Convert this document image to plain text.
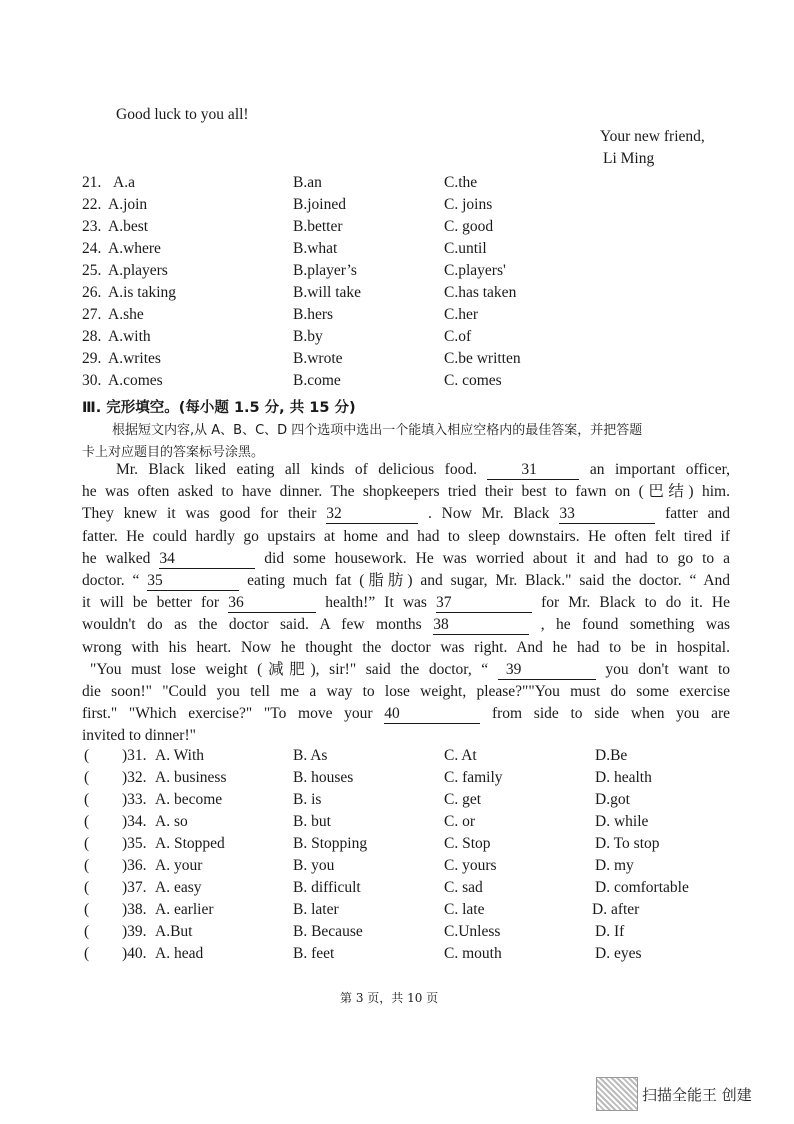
Good luck to you all!
Your new friend,
Li Ming
21. A.a	B.an	C.the
22. A.join	B.joined	C. joins
23. A.best	B.better	C. good
24. A.where	B.what	C.until
25. A.players	B.player’s	C.players'
26. A.is taking	B.will take	C.has taken
27. A.she	B.hers	C.her
28. A.with	B.by	C.of
29. A.writes	B.wrote	C.be written
30. A.comes	B.come	C. comes
Ⅲ. 完形填空。(每小题 1.5 分, 共 15 分)
根据短文内容,从 A、B、C、D 四个选项中选出一个能填入相应空格内的最佳答案，并把答题
卡上对应题目的答案标号涂黑。
Mr. Black liked eating all kinds of delicious food.	31	an important officer,
he was often asked to have dinner. The shopkeepers tried their best to fawn on (巴结) him.
They knew it was good for their 32	. Now Mr. Black 33	fatter and
fatter. He could hardly go upstairs at home and had to sleep downstairs. He often felt tired if
he walked 34	did some housework. He was worried about it and had to go to a
doctor. “ 35	eating much fat (脂肪) and sugar, Mr. Black." said the doctor. “ And
it will be better for 36	health!” It was 37	for Mr. Black to do it. He
wouldn't do as the doctor said. A few months 38	, he found something was
wrong with his heart. Now he thought the doctor was right. And he had to be in hospital.
"You must lose weight (减肥), sir!" said the doctor, “ 39	you don't want to
die soon!" "Could you tell me a way to lose weight, please?""You must do some exercise
first." "Which exercise?" "To move your 40	from side to side when you are
invited to dinner!"
( )31. A. With	B. As	C. At	D.Be
( )32. A. business	B. houses	C. family	D. health
( )33. A. become	B. is	C. get	D.got
( )34. A. so	B. but	C. or	D. while
( )35. A. Stopped	B. Stopping	C. Stop	D. To stop
( )36. A. your	B. you	C. yours	D. my
( )37. A. easy	B. difficult	C. sad	D. comfortable
( )38. A. earlier	B. later	C. late	D. after
( )39. A.But	B. Because	C.Unless	D. If
( )40. A. head	B. feet	C. mouth	D. eyes
第 3 页，共 10 页
扫描全能王 创建
